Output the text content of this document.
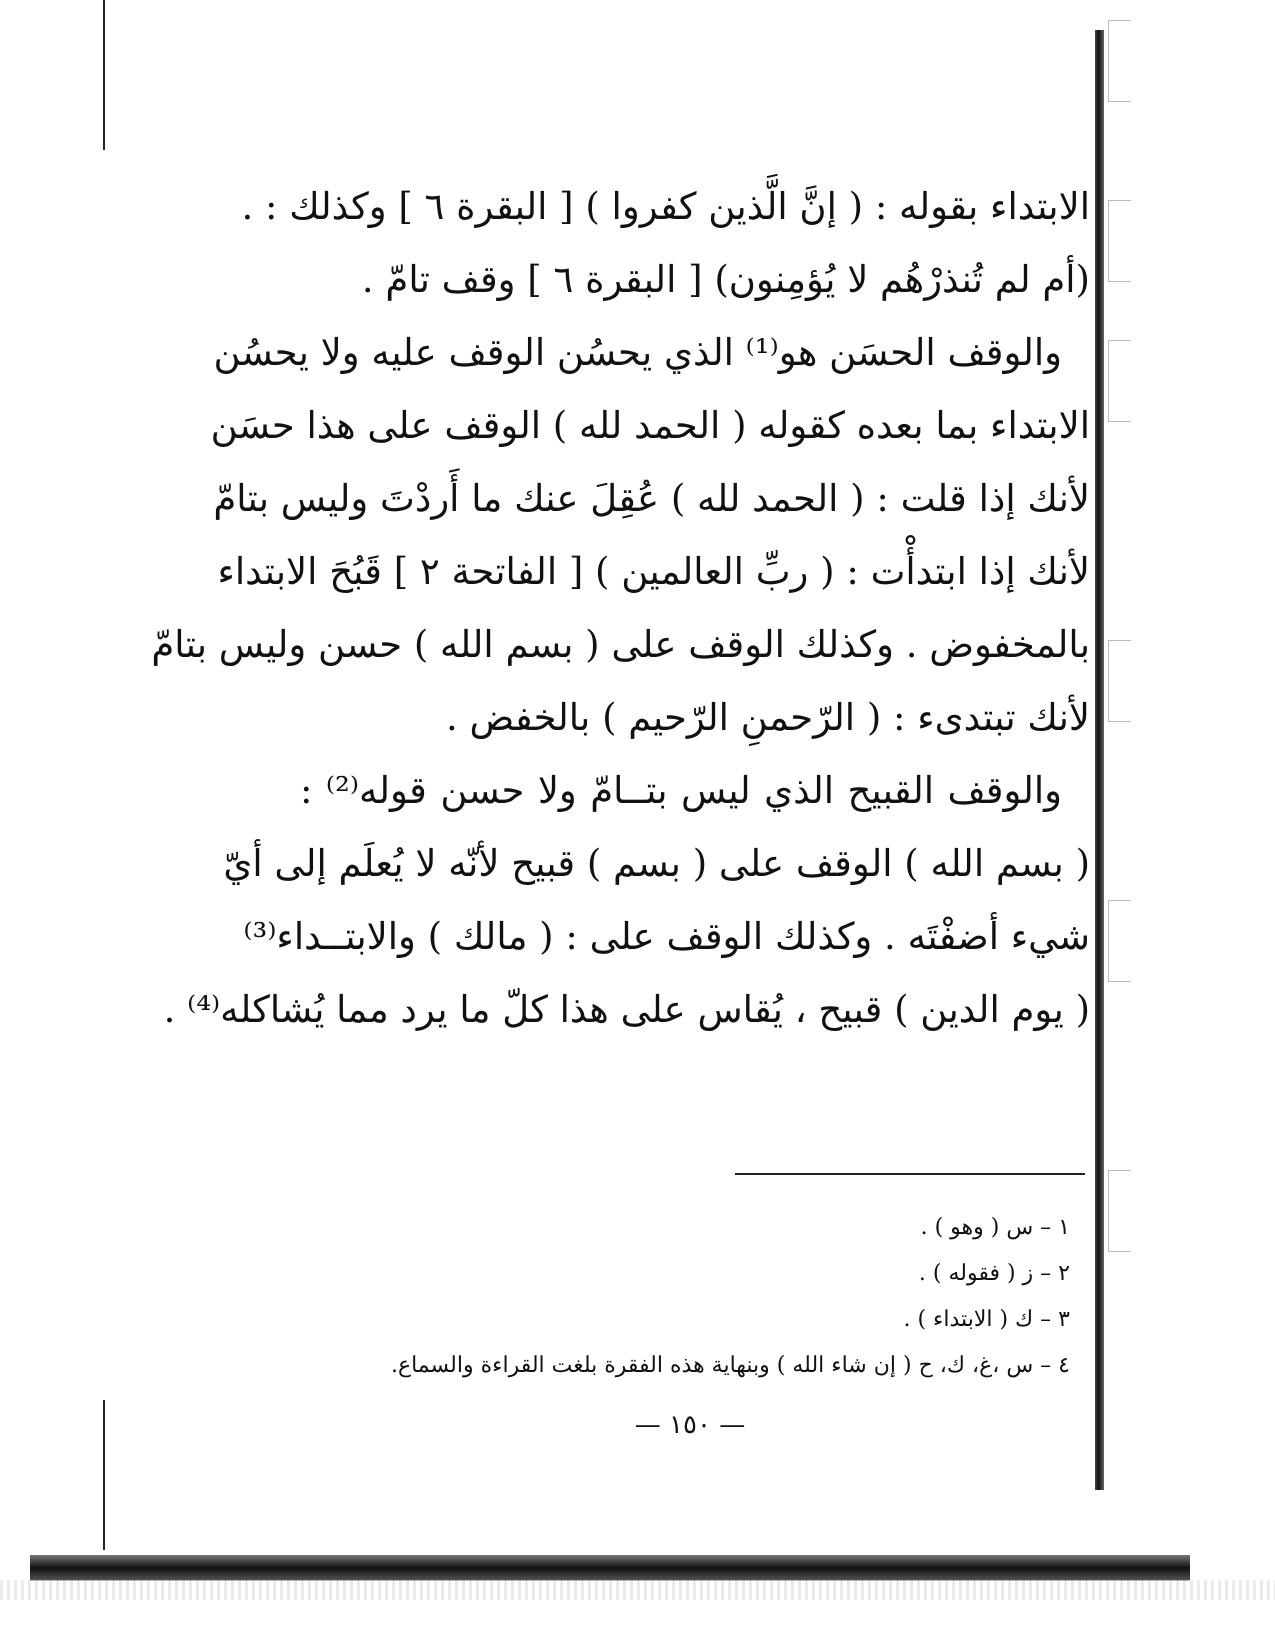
الابتداء بقوله : ( إنَّ الَّذين كفروا ) [ البقرة ٦ ] وكذلك : .
(أم لم تُنذرْهُم لا يُؤمِنون) [ البقرة ٦ ] وقف تامّ .
والوقف الحسَن هو⁽¹⁾ الذي يحسُن الوقف عليه ولا يحسُن
الابتداء بما بعده كقوله ( الحمد لله ) الوقف على هذا حسَن
لأنك إذا قلت : ( الحمد لله ) عُقِلَ عنك ما أَردْتَ وليس بتامّ
لأنك إذا ابتدأْت : ( ربِّ العالمين ) [ الفاتحة ٢ ] قَبُحَ الابتداء
بالمخفوض . وكذلك الوقف على ( بسم الله ) حسن وليس بتامّ
لأنك تبتدىء : ( الرّحمنِ الرّحيم ) بالخفض .
والوقف القبيح الذي ليس بتــامّ ولا حسن قوله⁽²⁾ :
( بسم الله ) الوقف على ( بسم ) قبيح لأنّه لا يُعلَم إلى أيّ
شيء أضفْتَه . وكذلك الوقف على : ( مالك ) والابتــداء⁽³⁾
( يوم الدين ) قبيح ، يُقاس على هذا كلّ ما يرد مما يُشاكله⁽⁴⁾ .
١ – س ( وهو ) .
٢ – ز ( فقوله ) .
٣ – ك ( الابتداء ) .
٤ – س ،غ، ك، ح ( إن شاء الله ) وبنهاية هذه الفقرة بلغت القراءة والسماع.
— ١٥٠ —
